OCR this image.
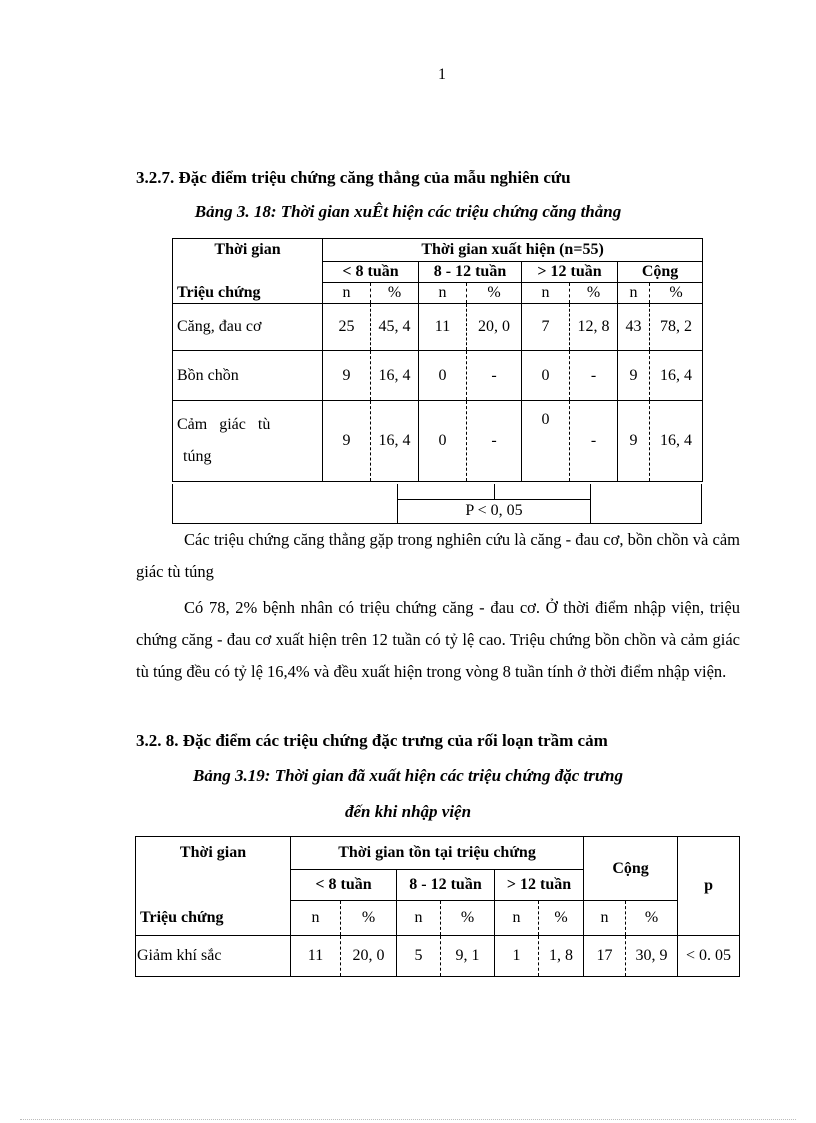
1
3.2.7. Đặc điểm triệu chứng căng thẳng của mẫu nghiên cứu
Bảng 3. 18: Thời gian xuÊt hiện các triệu chứng căng thẳng
Thời gian	Thời gian xuất hiện (n=55)							
	< 8 tuần		8 - 12 tuần		> 12 tuần		Cộng	
Triệu chứng	n	%	n	%	n	%	n	%
Căng, đau cơ	25	45, 4	11	20, 0	7	12, 8	43	78, 2
Bồn chồn	9	16, 4	0	-	0	-	9	16, 4

Cảm   giác   tù
túng	9	16, 4	0	-	0	-	9	16, 4
P < 0, 05

Các triệu chứng căng thẳng gặp trong nghiên cứu là căng - đau cơ, bồn chồn và cảm giác tù túng

Có 78, 2% bệnh nhân có triệu chứng căng - đau cơ. Ở thời điểm nhập viện, triệu chứng căng - đau cơ xuất hiện trên 12 tuần có tỷ lệ cao. Triệu chứng bồn chồn và cảm giác tù túng đều có tỷ lệ 16,4% và đều xuất hiện trong vòng 8 tuần tính ở thời điểm nhập viện.

3.2. 8. Đặc điểm các triệu chứng đặc trưng của rối loạn trầm cảm
Bảng 3.19: Thời gian đã xuất hiện các triệu chứng đặc trưng
đến khi nhập viện
Thời gian	Thời gian tồn tại triệu chứng						Cộng		p
	< 8 tuần		8 - 12 tuần		> 12 tuần				
Triệu chứng	n	%	n	%	n	%	n	%	
Giảm khí sắc	11	20, 0	5	9, 1	1	1, 8	17	30, 9	< 0. 05
